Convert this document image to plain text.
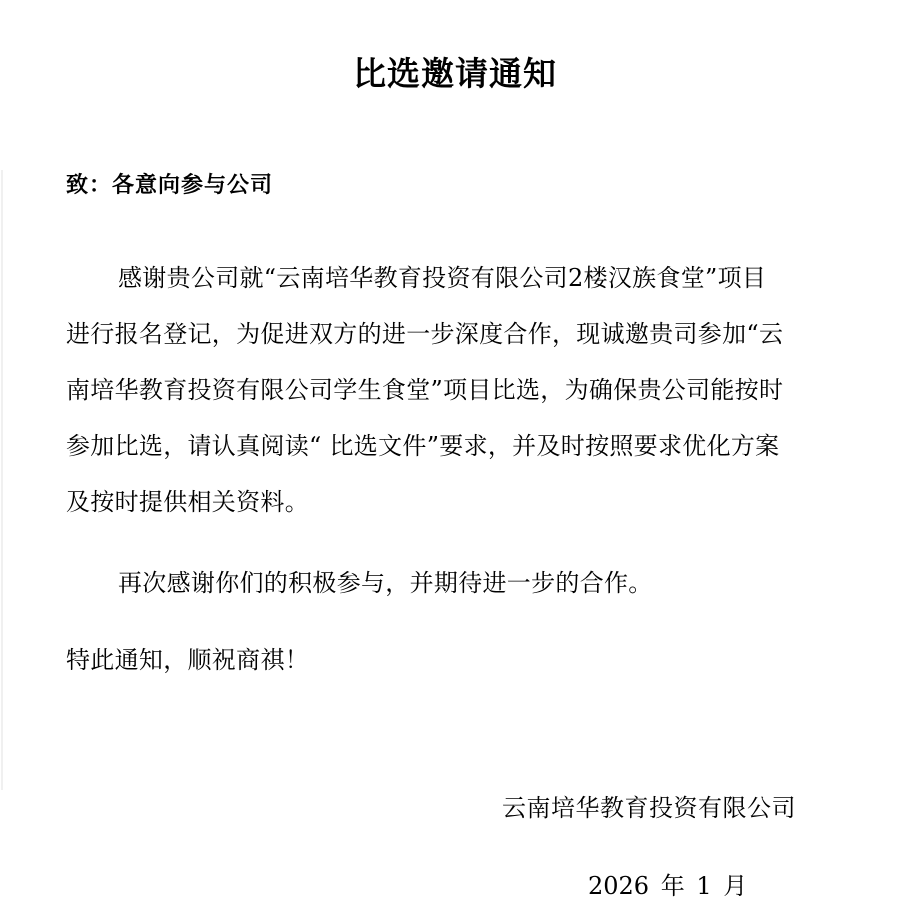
比选邀请通知
致：各意向参与公司
感谢贵公司就“云南培华教育投资有限公司2楼汉族食堂”项目
进行报名登记，为促进双方的进一步深度合作，现诚邀贵司参加“云
南培华教育投资有限公司学生食堂”项目比选，为确保贵公司能按时
参加比选，请认真阅读“ 比选文件”要求，并及时按照要求优化方案
及按时提供相关资料。
再次感谢你们的积极参与，并期待进一步的合作。
特此通知，顺祝商祺！
云南培华教育投资有限公司
2026 年 1 月
